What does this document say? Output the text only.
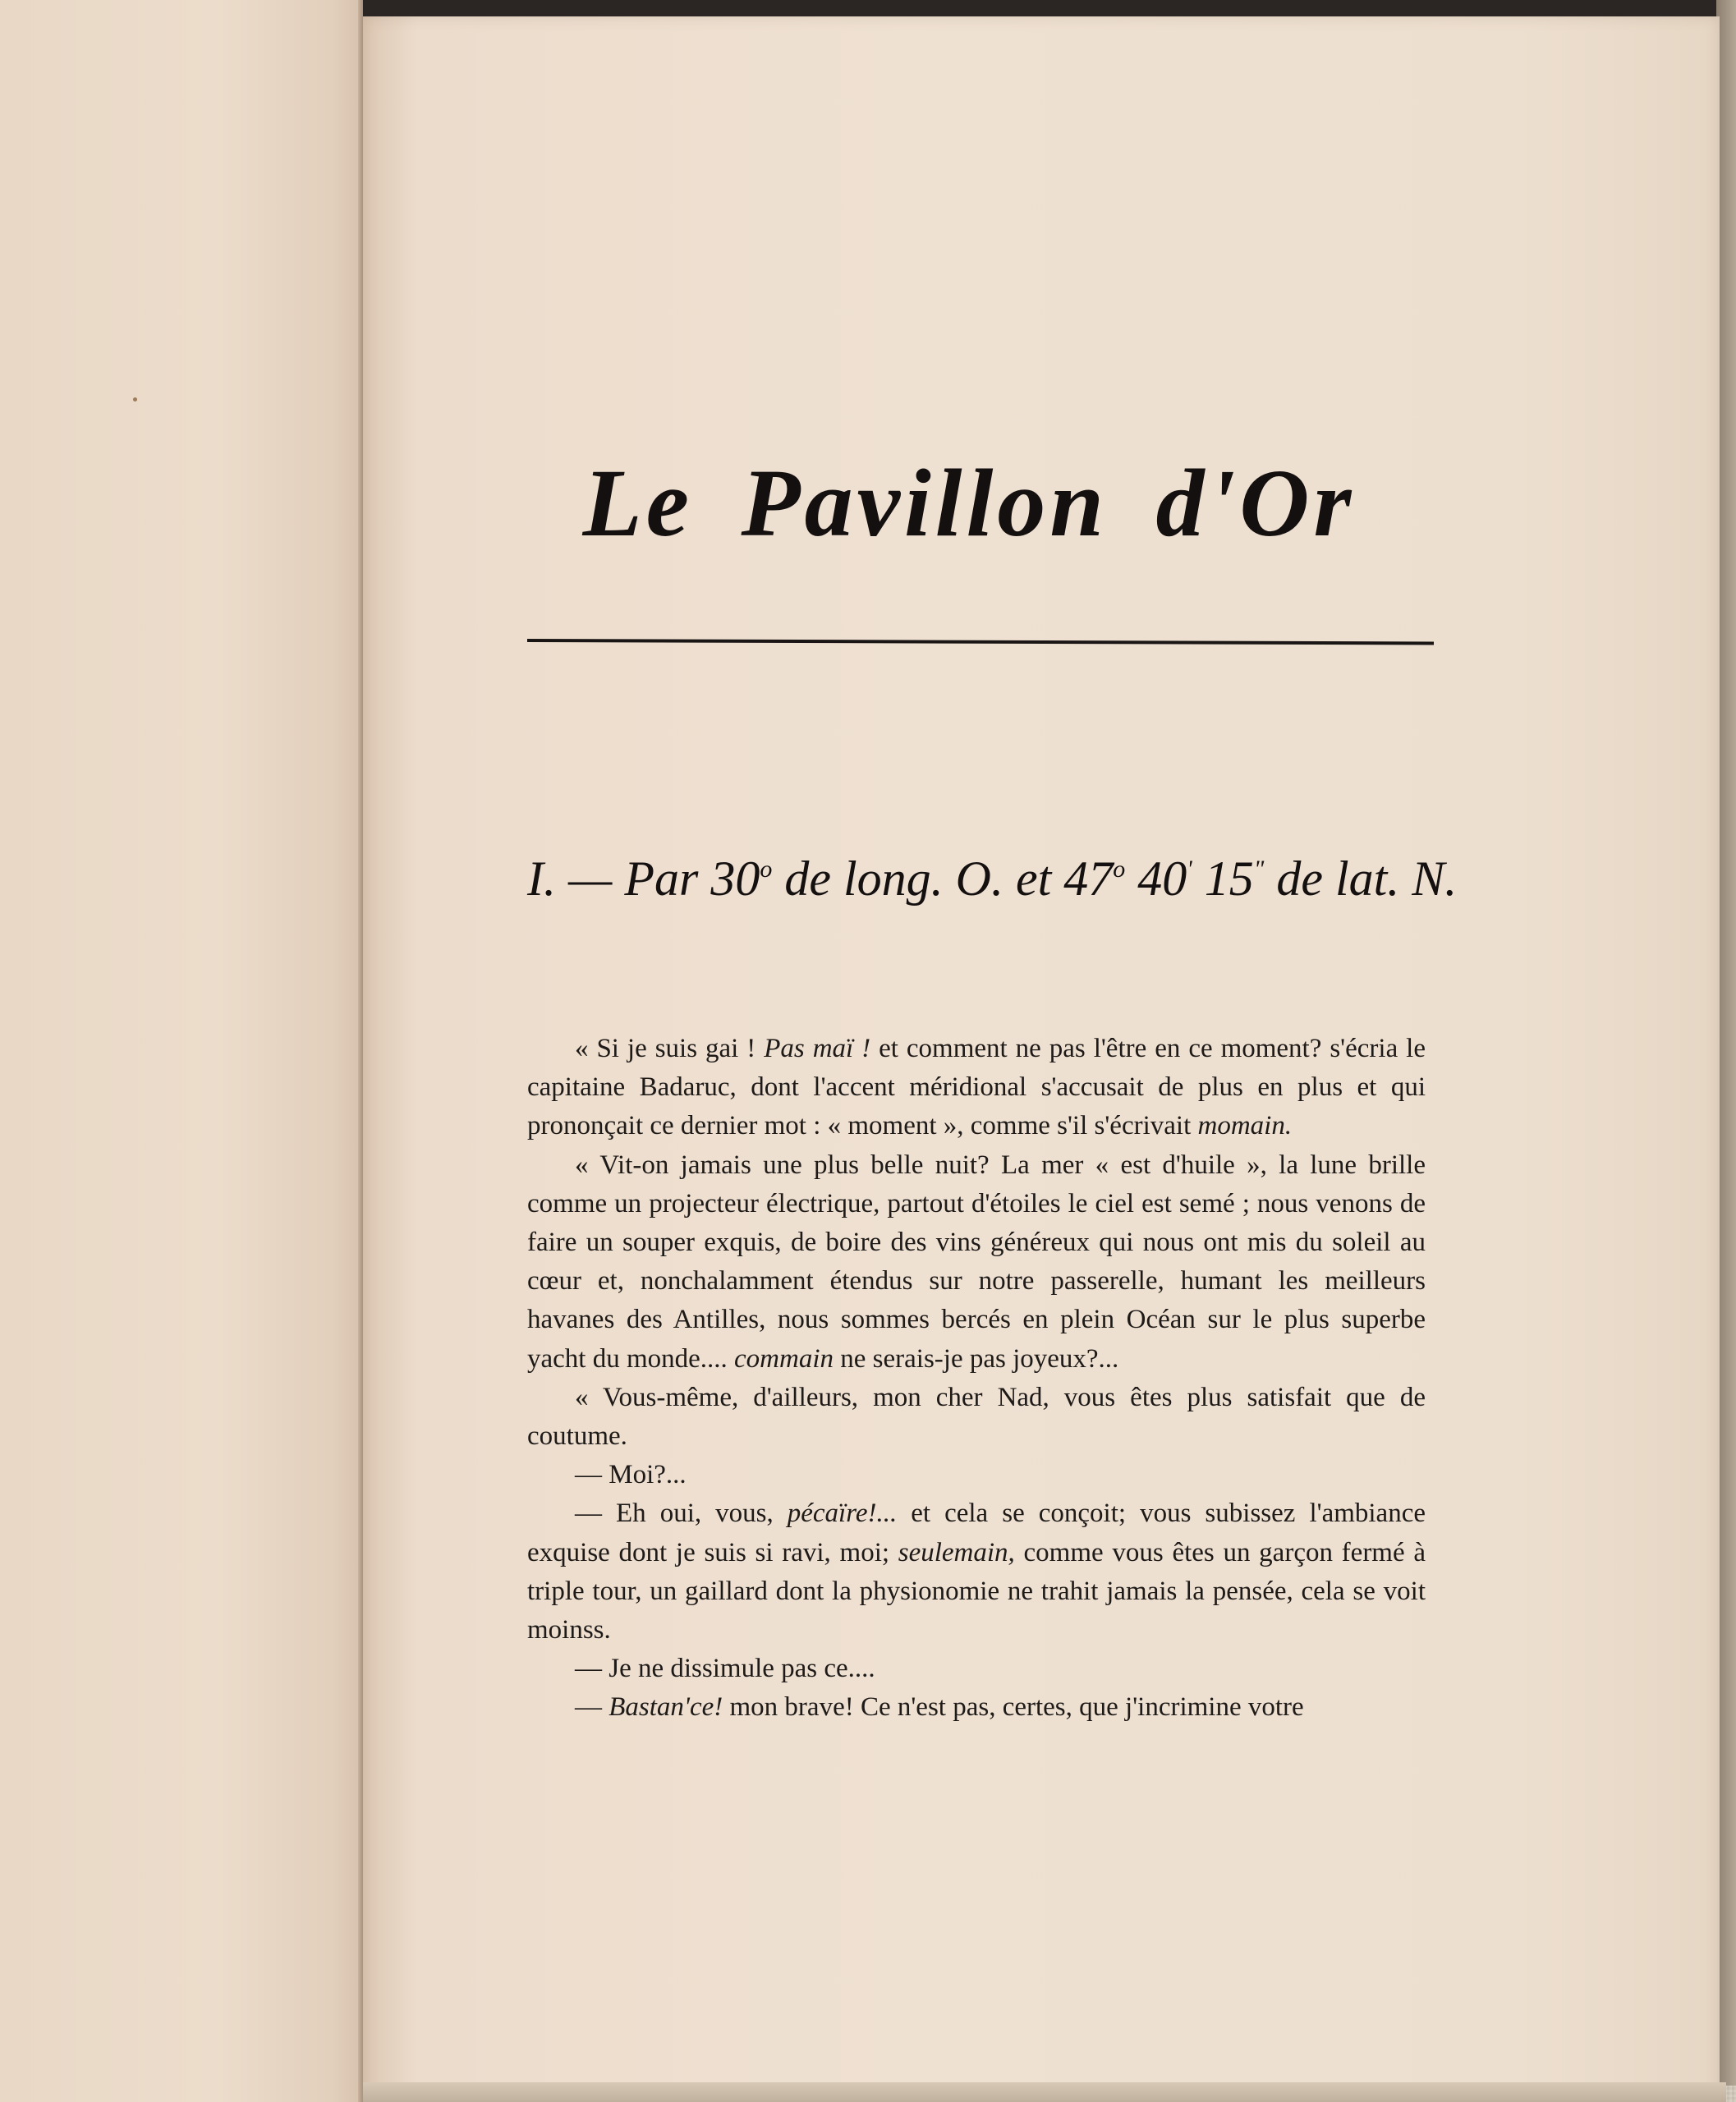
Le Pavillon d'Or
I. — Par 30$^o$ de long. O. et 47$^o$ 40' 15" de lat. N.

« Si je suis gai ! Pas maï ! et comment ne pas l'être en ce moment? s'écria le capitaine Badaruc, dont l'accent méridional s'accusait de plus en plus et qui prononçait ce dernier mot : « moment », comme s'il s'écrivait momain.

« Vit-on jamais une plus belle nuit? La mer « est d'huile », la lune brille comme un projecteur électrique, partout d'étoiles le ciel est semé ; nous venons de faire un souper exquis, de boire des vins généreux qui nous ont mis du soleil au cœur et, nonchalamment étendus sur notre passerelle, humant les meilleurs havanes des Antilles, nous sommes bercés en plein Océan sur le plus superbe yacht du monde.... commain ne serais-je pas joyeux?...

« Vous-même, d'ailleurs, mon cher Nad, vous êtes plus satisfait que de coutume.

— Moi?...

— Eh oui, vous, pécaïre!... et cela se conçoit; vous subissez l'ambiance exquise dont je suis si ravi, moi; seulemain, comme vous êtes un garçon fermé à triple tour, un gaillard dont la physionomie ne trahit jamais la pensée, cela se voit moinss.

— Je ne dissimule pas ce....

— Bastan'ce! mon brave! Ce n'est pas, certes, que j'incrimine votre
